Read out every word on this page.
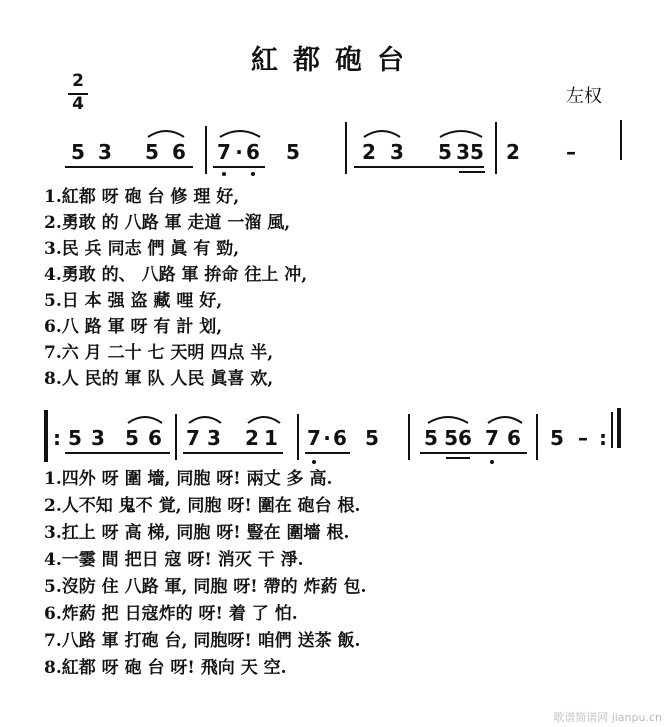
紅都砲台
左权
2
4
5 3 5 6 7 · 6 5	2 3 5 35 2 –
1.紅都 呀 砲 台 修 理 好,
2.勇敢 的 八路 軍 走道 一溜 風,
3.民 兵 同志 們 眞 有 勁,
4.勇敢 的、 八路 軍 拚命 往上 冲,
5.日 本 强 盗 藏 哩 好,
6.八 路 軍 呀 有 計 划,
7.六 月 二十 七 天明 四点 半,
8.人 民的 軍 队 人民 眞喜 欢,
: 5 3 5 6 7 3 2 1 7 · 6 5 5 56 7 6 5 – :
1.四外 呀 圍 墻, 同胞 呀! 兩丈 多 高.
2.人不知 鬼不 覚, 同胞 呀! 圍在 砲台 根.
3.扛上 呀 高 梯, 同胞 呀! 豎在 圍墻 根.
4.一霎 間 把日 寇 呀! 消灭 干 淨.
5.沒防 住 八路 軍, 同胞 呀! 帶的 炸葯 包.
6.炸葯 把 日寇炸的 呀! 着 了 怕.
7.八路 軍 打砲 台, 同胞呀! 咱們 送茶 飯.
8.紅都 呀 砲 台 呀! 飛向 天 空.
歌谱简谱网 jianpu.cn
